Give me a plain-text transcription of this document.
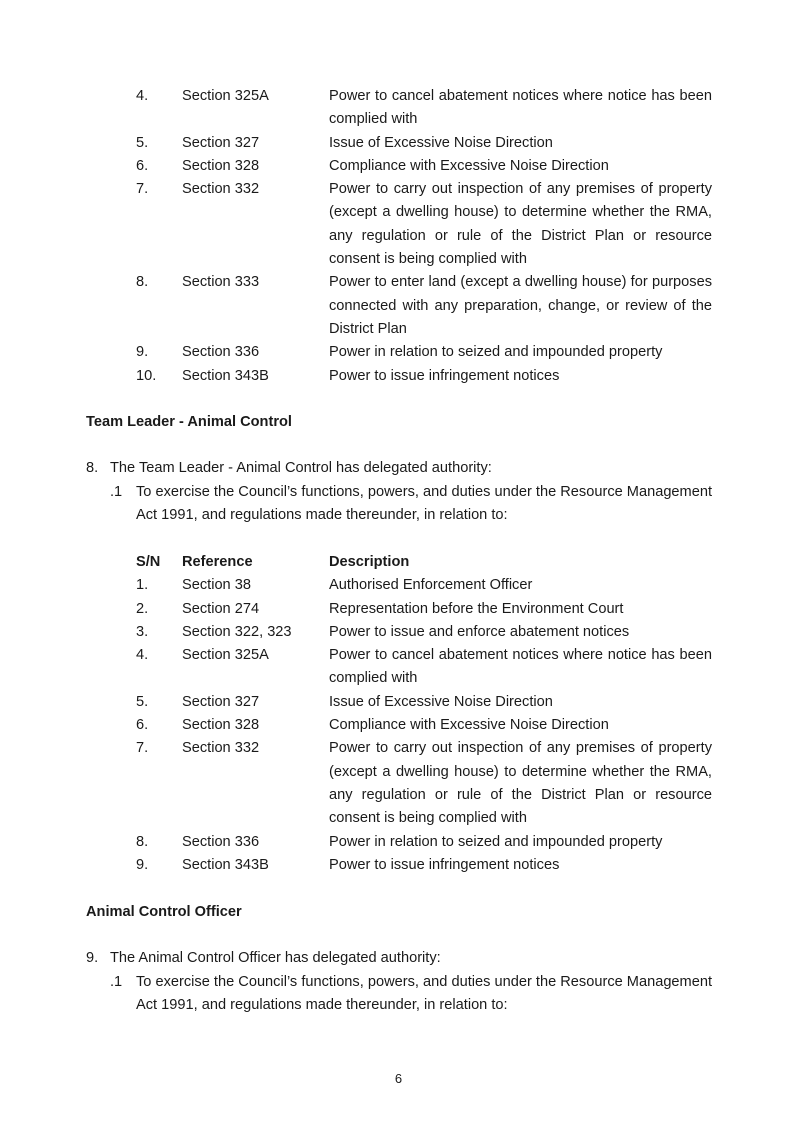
4.	Section 325A	Power to cancel abatement notices where notice has been complied with
5.	Section 327	Issue of Excessive Noise Direction
6.	Section 328	Compliance with Excessive Noise Direction
7.	Section 332	Power to carry out inspection of any premises of property (except a dwelling house) to determine whether the RMA, any regulation or rule of the District Plan or resource consent is being complied with
8.	Section 333	Power to enter land (except a dwelling house) for purposes connected with any preparation, change, or review of the District Plan
9.	Section 336	Power in relation to seized and impounded property
10.	Section 343B	Power to issue infringement notices
Team Leader - Animal Control
8. The Team Leader - Animal Control has delegated authority:
.1 To exercise the Council’s functions, powers, and duties under the Resource Management Act 1991, and regulations made thereunder, in relation to:
S/N	Reference	Description
1.	Section 38	Authorised Enforcement Officer
2.	Section 274	Representation before the Environment Court
3.	Section 322, 323	Power to issue and enforce abatement notices
4.	Section 325A	Power to cancel abatement notices where notice has been complied with
5.	Section 327	Issue of Excessive Noise Direction
6.	Section 328	Compliance with Excessive Noise Direction
7.	Section 332	Power to carry out inspection of any premises of property (except a dwelling house) to determine whether the RMA, any regulation or rule of the District Plan or resource consent is being complied with
8.	Section 336	Power in relation to seized and impounded property
9.	Section 343B	Power to issue infringement notices
Animal Control Officer
9. The Animal Control Officer has delegated authority:
.1 To exercise the Council’s functions, powers, and duties under the Resource Management Act 1991, and regulations made thereunder, in relation to:
6
